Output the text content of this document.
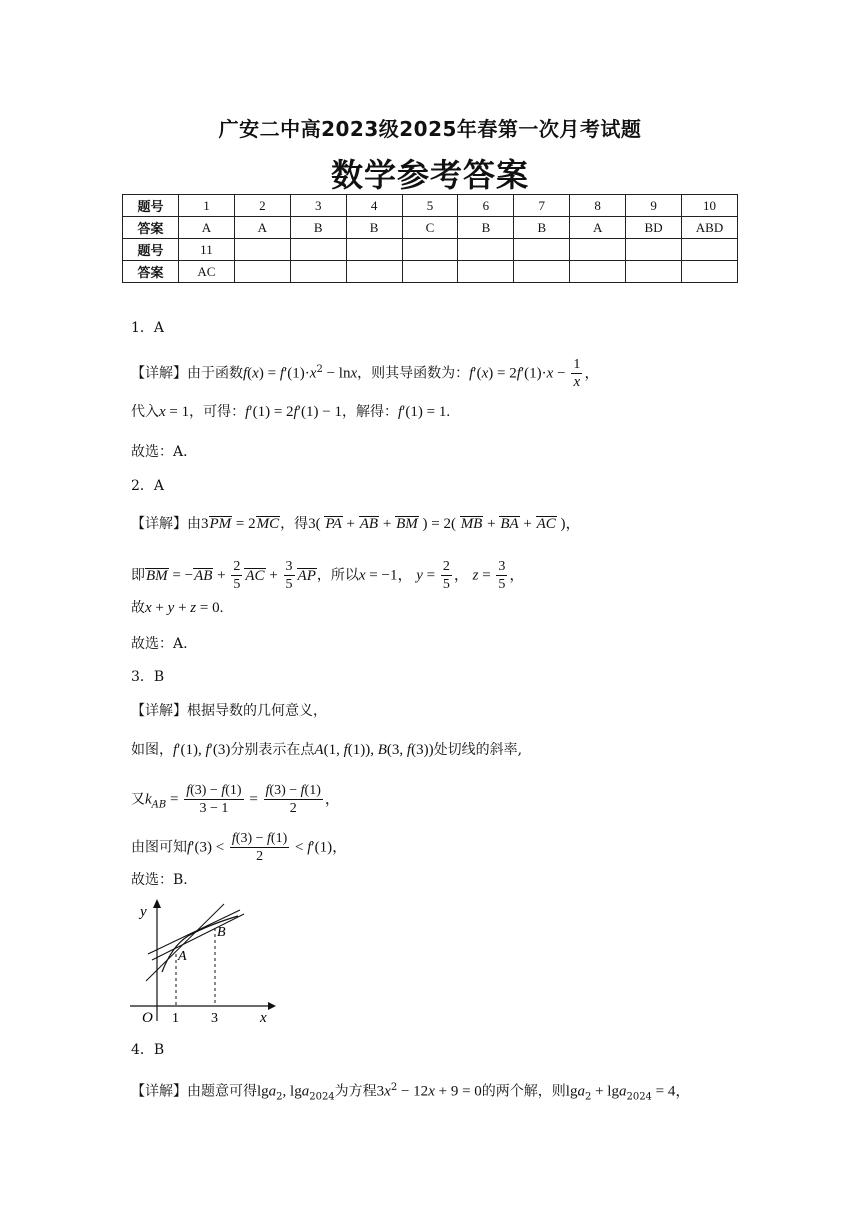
广安二中高2023级2025年春第一次月考试题
数学参考答案
题号	1	2	3	4	5	6	7	8	9	10
答案	A	A	B	B	C	B	B	A	BD	ABD
题号	11									
答案	AC									
1．A
【详解】由于函数$f(x) = f'(1)\cdot x^2 - \ln x$，则其导函数为：$f'(x) = 2f'(1)\cdot x - \frac{1}{x}$ ，
代入x = 1，可得：f′(1) = 2f′(1) − 1，解得：f′(1) = 1.
故选：A．
2．A
【详解】由3PM = 2MC，得3( PA + AB + BM ) = 2( MB + BA + AC )，
即BM = $-AB + \frac{2}{5}$ AC + $\frac{3}{5}$ AP，所以x = −1， $y = \frac{2}{5}$ ， $z = \frac{3}{5}$ ，
故x + y + z = 0.
故选：A.
3．B
【详解】根据导数的几何意义，
如图，f′(1), f′(3)分别表示在点A(1, f(1)), B(3, f(3))处切线的斜率,
又$k_{AB} = \frac{f(3) - f(1)}{3 - 1} = \frac{f(3) - f(1)}{2}$ ，
由图可知$f'(3) < \frac{f(3) - f(1)}{2} < f'(1)$，
故选：B.
y
x
O 1 3
A
B
4．B
【详解】由题意可得lga$_2$, lga$_{2024}$为方程$3x^2 - 12x + 9 = 0$的两个解，则lga$_2$ + lga$_{2024}$ = 4，
